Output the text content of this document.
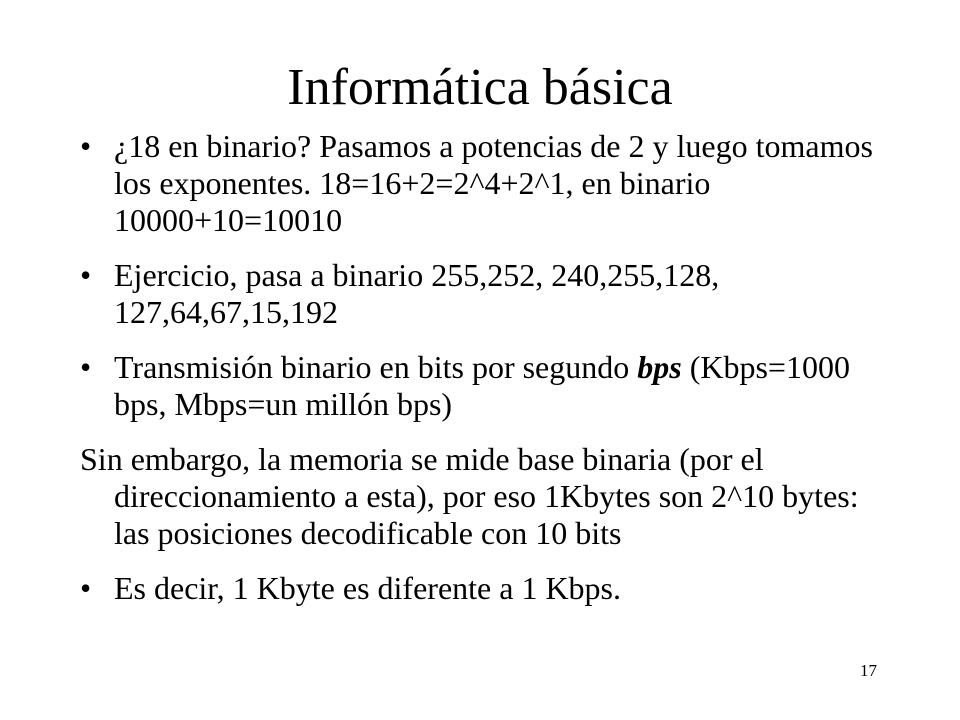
Informática básica
• ¿18 en binario? Pasamos a potencias de 2 y luego tomamos los exponentes. 18=16+2=2^4+2^1, en binario 10000+10=10010
• Ejercicio, pasa a binario 255,252, 240,255,128, 127,64,67,15,192
• Transmisión binario en bits por segundo bps (Kbps=1000 bps, Mbps=un millón bps)
Sin embargo, la memoria se mide base binaria (por el direccionamiento a esta), por eso 1Kbytes son 2^10 bytes: las posiciones decodificable con 10 bits
• Es decir, 1 Kbyte es diferente a 1 Kbps.
17
